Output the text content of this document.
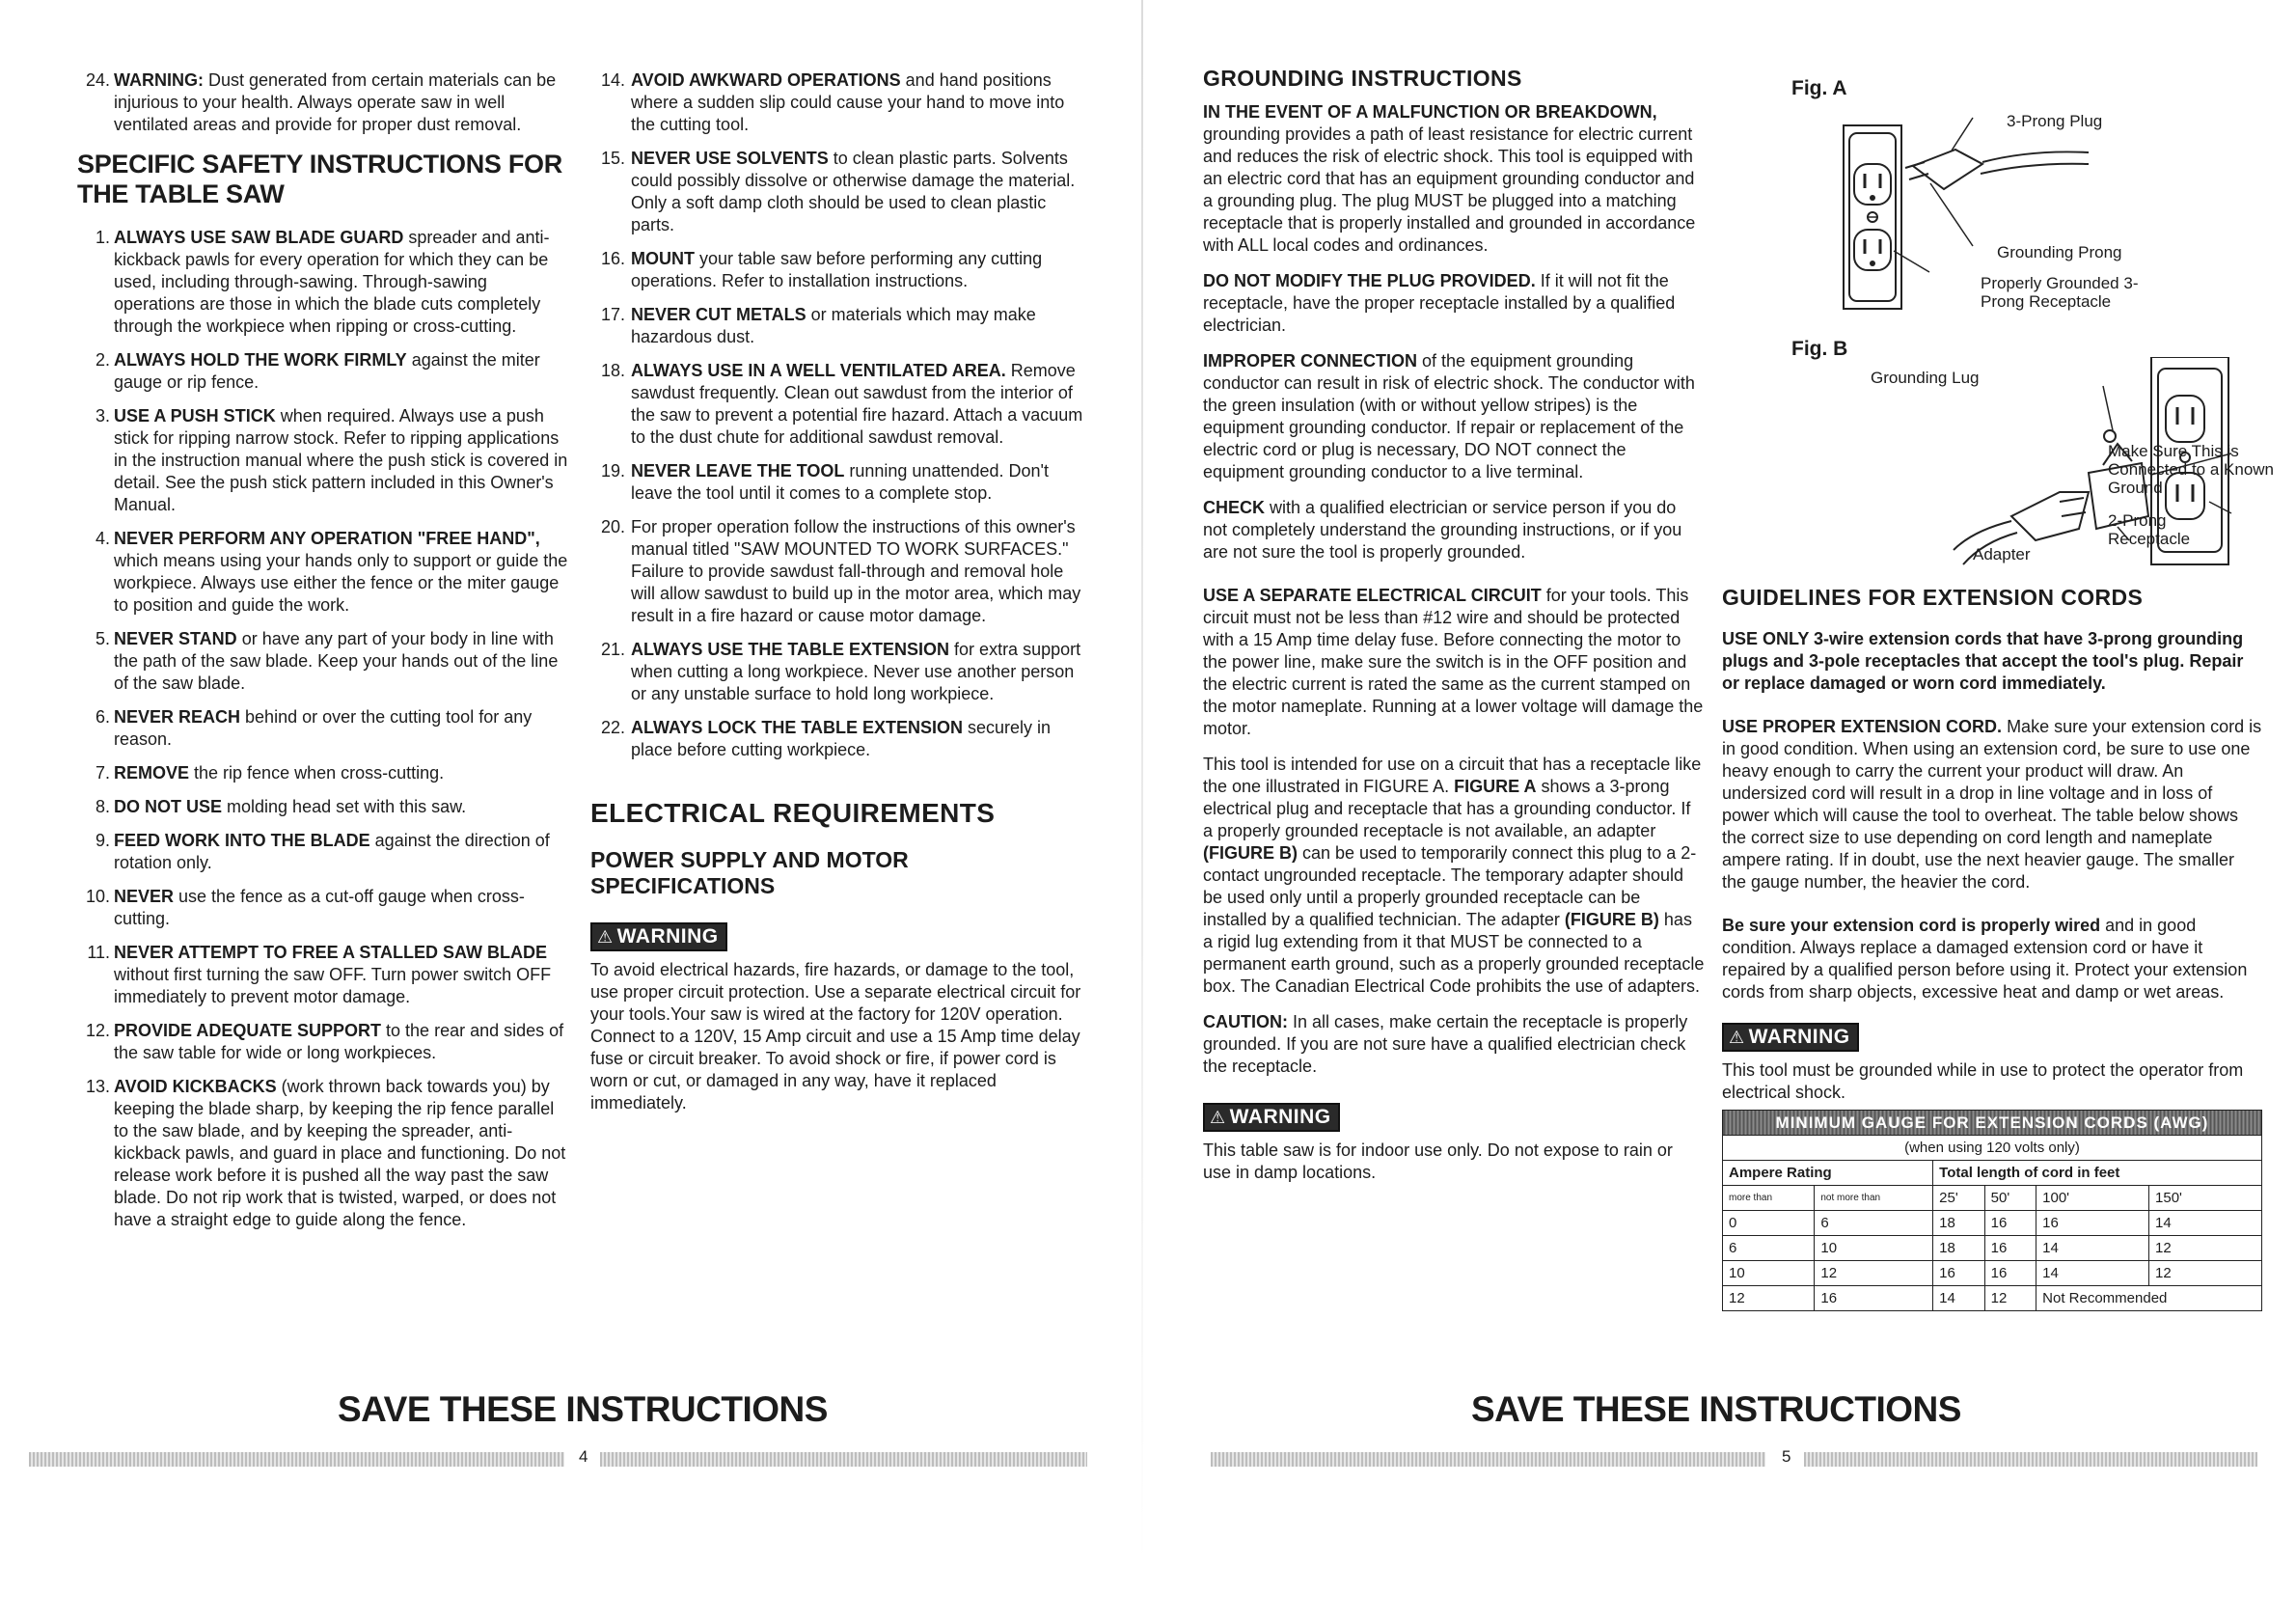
24. WARNING: Dust generated from certain materials can be injurious to your health. Always operate saw in well ventilated areas and provide for proper dust removal.
SPECIFIC SAFETY INSTRUCTIONS FOR THE TABLE SAW
1. ALWAYS USE SAW BLADE GUARD spreader and anti-kickback pawls for every operation for which they can be used, including through-sawing. Through-sawing operations are those in which the blade cuts completely through the workpiece when ripping or cross-cutting.
2. ALWAYS HOLD THE WORK FIRMLY against the miter gauge or rip fence.
3. USE A PUSH STICK when required. Always use a push stick for ripping narrow stock. Refer to ripping applications in the instruction manual where the push stick is covered in detail. See the push stick pattern included in this Owner's Manual.
4. NEVER PERFORM ANY OPERATION "FREE HAND", which means using your hands only to support or guide the workpiece. Always use either the fence or the miter gauge to position and guide the work.
5. NEVER STAND or have any part of your body in line with the path of the saw blade. Keep your hands out of the line of the saw blade.
6. NEVER REACH behind or over the cutting tool for any reason.
7. REMOVE the rip fence when cross-cutting.
8. DO NOT USE molding head set with this saw.
9. FEED WORK INTO THE BLADE against the direction of rotation only.
10. NEVER use the fence as a cut-off gauge when cross-cutting.
11. NEVER ATTEMPT TO FREE A STALLED SAW BLADE without first turning the saw OFF. Turn power switch OFF immediately to prevent motor damage.
12. PROVIDE ADEQUATE SUPPORT to the rear and sides of the saw table for wide or long workpieces.
13. AVOID KICKBACKS (work thrown back towards you) by keeping the blade sharp, by keeping the rip fence parallel to the saw blade, and by keeping the spreader, anti-kickback pawls, and guard in place and functioning. Do not release work before it is pushed all the way past the saw blade. Do not rip work that is twisted, warped, or does not have a straight edge to guide along the fence.
14. AVOID AWKWARD OPERATIONS and hand positions where a sudden slip could cause your hand to move into the cutting tool.
15. NEVER USE SOLVENTS to clean plastic parts. Solvents could possibly dissolve or otherwise damage the material. Only a soft damp cloth should be used to clean plastic parts.
16. MOUNT your table saw before performing any cutting operations. Refer to installation instructions.
17. NEVER CUT METALS or materials which may make hazardous dust.
18. ALWAYS USE IN A WELL VENTILATED AREA. Remove sawdust frequently. Clean out sawdust from the interior of the saw to prevent a potential fire hazard. Attach a vacuum to the dust chute for additional sawdust removal.
19. NEVER LEAVE THE TOOL running unattended. Don't leave the tool until it comes to a complete stop.
20. For proper operation follow the instructions of this owner's manual titled "SAW MOUNTED TO WORK SURFACES." Failure to provide sawdust fall-through and removal hole will allow sawdust to build up in the motor area, which may result in a fire hazard or cause motor damage.
21. ALWAYS USE THE TABLE EXTENSION for extra support when cutting a long workpiece. Never use another person or any unstable surface to hold long workpiece.
22. ALWAYS LOCK THE TABLE EXTENSION securely in place before cutting workpiece.
ELECTRICAL REQUIREMENTS
POWER SUPPLY AND MOTOR SPECIFICATIONS
⚠ WARNING
To avoid electrical hazards, fire hazards, or damage to the tool, use proper circuit protection. Use a separate electrical circuit for your tools.Your saw is wired at the factory for 120V operation. Connect to a 120V, 15 Amp circuit and use a 15 Amp time delay fuse or circuit breaker. To avoid shock or fire, if power cord is worn or cut, or damaged in any way, have it replaced immediately.
SAVE THESE INSTRUCTIONS
4
GROUNDING INSTRUCTIONS
IN THE EVENT OF A MALFUNCTION OR BREAKDOWN, grounding provides a path of least resistance for electric current and reduces the risk of electric shock. This tool is equipped with an electric cord that has an equipment grounding conductor and a grounding plug. The plug MUST be plugged into a matching receptacle that is properly installed and grounded in accordance with ALL local codes and ordinances.
DO NOT MODIFY THE PLUG PROVIDED. If it will not fit the receptacle, have the proper receptacle installed by a qualified electrician.
IMPROPER CONNECTION of the equipment grounding conductor can result in risk of electric shock. The conductor with the green insulation (with or without yellow stripes) is the equipment grounding conductor. If repair or replacement of the electric cord or plug is necessary, DO NOT connect the equipment grounding conductor to a live terminal.
CHECK with a qualified electrician or service person if you do not completely understand the grounding instructions, or if you are not sure the tool is properly grounded.
USE A SEPARATE ELECTRICAL CIRCUIT for your tools. This circuit must not be less than #12 wire and should be protected with a 15 Amp time delay fuse. Before connecting the motor to the power line, make sure the switch is in the OFF position and the electric current is rated the same as the current stamped on the motor nameplate. Running at a lower voltage will damage the motor.
This tool is intended for use on a circuit that has a receptacle like the one illustrated in FIGURE A. FIGURE A shows a 3-prong electrical plug and receptacle that has a grounding conductor. If a properly grounded receptacle is not available, an adapter (FIGURE B) can be used to temporarily connect this plug to a 2-contact ungrounded receptacle. The temporary adapter should be used only until a properly grounded receptacle can be installed by a qualified technician. The adapter (FIGURE B) has a rigid lug extending from it that MUST be connected to a permanent earth ground, such as a properly grounded receptacle box. The Canadian Electrical Code prohibits the use of adapters.
CAUTION: In all cases, make certain the receptacle is properly grounded. If you are not sure have a qualified electrician check the receptacle.
⚠ WARNING
This table saw is for indoor use only. Do not expose to rain or use in damp locations.
Fig. A
3-Prong Plug
Grounding Prong
Properly Grounded 3-Prong Receptacle
Fig. B
Grounding Lug
Make Sure This is Connected to a Known Ground
2-Prong Receptacle
Adapter
GUIDELINES FOR EXTENSION CORDS
USE ONLY 3-wire extension cords that have 3-prong grounding plugs and 3-pole receptacles that accept the tool's plug. Repair or replace damaged or worn cord immediately.
USE PROPER EXTENSION CORD. Make sure your extension cord is in good condition. When using an extension cord, be sure to use one heavy enough to carry the current your product will draw. An undersized cord will result in a drop in line voltage and in loss of power which will cause the tool to overheat. The table below shows the correct size to use depending on cord length and nameplate ampere rating. If in doubt, use the next heavier gauge. The smaller the gauge number, the heavier the cord.
Be sure your extension cord is properly wired and in good condition. Always replace a damaged extension cord or have it repaired by a qualified person before using it. Protect your extension cords from sharp objects, excessive heat and damp or wet areas.
⚠ WARNING
This tool must be grounded while in use to protect the operator from electrical shock.
MINIMUM GAUGE FOR EXTENSION CORDS (AWG)					
(when using 120 volts only)					
Ampere Rating		Total length of cord in feet			
more than	not more than	25'	50'	100'	150'
0	6	18	16	16	14
6	10	18	16	14	12
10	12	16	16	14	12
12	16	14	12	Not Recommended	
SAVE THESE INSTRUCTIONS
5
